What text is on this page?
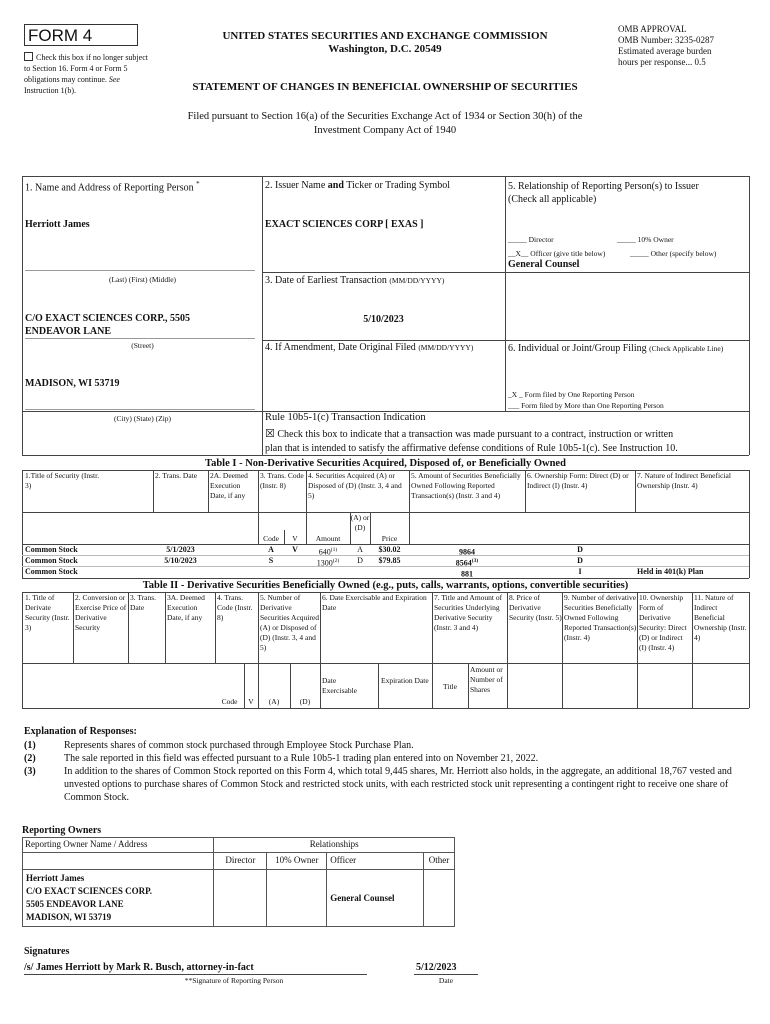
FORM 4
Check this box if no longer subject to Section 16. Form 4 or Form 5 obligations may continue. See Instruction 1(b).
UNITED STATES SECURITIES AND EXCHANGE COMMISSION
Washington, D.C. 20549
STATEMENT OF CHANGES IN BENEFICIAL OWNERSHIP OF SECURITIES
OMB APPROVAL
OMB Number: 3235-0287
Estimated average burden
hours per response... 0.5
Filed pursuant to Section 16(a) of the Securities Exchange Act of 1934 or Section 30(h) of the
Investment Company Act of 1940
1. Name and Address of Reporting Person *
Herriott James
(Last) (First) (Middle)
C/O EXACT SCIENCES CORP., 5505
ENDEAVOR LANE
(Street)
MADISON, WI 53719
(City) (State) (Zip)
2. Issuer Name and Ticker or Trading Symbol
EXACT SCIENCES CORP [ EXAS ]
3. Date of Earliest Transaction (MM/DD/YYYY)
5/10/2023
4. If Amendment, Date Original Filed (MM/DD/YYYY)
5. Relationship of Reporting Person(s) to Issuer
(Check all applicable)
_____ Director	_____ 10% Owner
__X__ Officer (give title below)	_____ Other (specify below)
General Counsel
6. Individual or Joint/Group Filing (Check Applicable Line)
_X _ Form filed by One Reporting Person
___ Form filed by More than One Reporting Person
Rule 10b5-1(c) Transaction Indication
☒ Check this box to indicate that a transaction was made pursuant to a contract, instruction or written
plan that is intended to satisfy the affirmative defense conditions of Rule 10b5-1(c). See Instruction 10.
Table I - Non-Derivative Securities Acquired, Disposed of, or Beneficially Owned
1.Title of Security (Instr. 3)
2. Trans. Date	2A. Deemed Execution Date, if any
3. Trans. Code (Instr. 8)
4. Securities Acquired (A) or Disposed of (D) (Instr. 3, 4 and 5)
5. Amount of Securities Beneficially Owned Following Reported Transaction(s) (Instr. 3 and 4)
6. Ownership Form: Direct (D) or Indirect (I) (Instr. 4)
7. Nature of Indirect Beneficial Ownership (Instr. 4)
Code	V	Amount
(A) or (D)
Price
Common Stock	5/1/2023	A	V	640$^{(1)}$	A	$30.02	9864	D
Common Stock	5/10/2023	S	1300$^{(2)}$	D	$79.85	8564$^{(3)}$	D
Common Stock	881	I	Held in 401(k) Plan
Table II - Derivative Securities Beneficially Owned (e.g., puts, calls, warrants, options, convertible securities)
1. Title of Derivate Security (Instr. 3)
2. Conversion or Exercise Price of Derivative Security
3. Trans. Date
3A. Deemed Execution Date, if any
4. Trans. Code (Instr. 8)
5. Number of Derivative Securities Acquired (A) or Disposed of (D) (Instr. 3, 4 and 5)
6. Date Exercisable and Expiration Date
7. Title and Amount of Securities Underlying Derivative Security (Instr. 3 and 4)
8. Price of Derivative Security (Instr. 5)
9. Number of derivative Securities Beneficially Owned Following Reported Transaction(s) (Instr. 4)
10. Ownership Form of Derivative Security: Direct (D) or Indirect (I) (Instr. 4)
11. Nature of Indirect Beneficial Ownership (Instr. 4)
Code	V	(A)	(D)
Date Exercisable
Expiration Date
Title
Amount or Number of Shares
Explanation of Responses:
(1)	Represents shares of common stock purchased through Employee Stock Purchase Plan.
(2)	The sale reported in this field was effected pursuant to a Rule 10b5-1 trading plan entered into on November 21, 2022.
(3)	In addition to the shares of Common Stock reported on this Form 4, which total 9,445 shares, Mr. Herriott also holds, in the aggregate, an additional 18,767 vested and unvested options to purchase shares of Common Stock and restricted stock units, with each restricted stock unit representing a contingent right to receive one share of Common Stock.
Reporting Owners
Reporting Owner Name / Address	Relationships			
	Director	10% Owner	Officer	Other

Herriott James
C/O EXACT SCIENCES CORP.
5505 ENDEAVOR LANE
MADISON, WI 53719			General Counsel	
Signatures
/s/ James Herriott by Mark R. Busch, attorney-in-fact
**Signature of Reporting Person
5/12/2023
Date
